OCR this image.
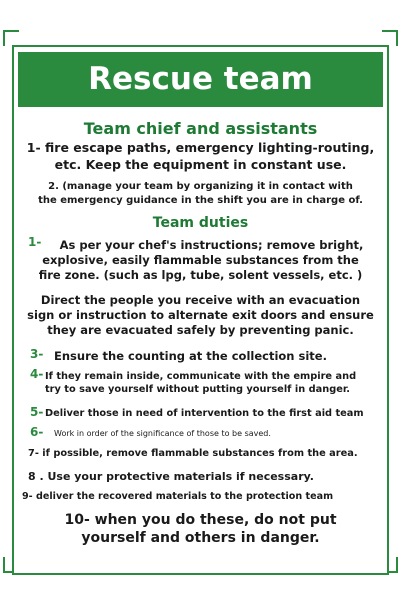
Rescue team
Team chief and assistants
1- fire escape paths, emergency lighting-routing,
etc. Keep the equipment in constant use.
2. (manage your team by organizing it in contact with
the emergency guidance in the shift you are in charge of.
Team duties
1-	As per your chef's instructions; remove bright,
explosive, easily flammable substances from the
fire zone. (such as lpg, tube, solent vessels, etc. )
Direct the people you receive with an evacuation
sign or instruction to alternate exit doors and ensure
they are evacuated safely by preventing panic.
3- Ensure the counting at the collection site.
4- If they remain inside, communicate with the empire and
try to save yourself without putting yourself in danger.
5- Deliver those in need of intervention to the first aid team
6- Work in order of the significance of those to be saved.
7- if possible, remove flammable substances from the area.
8 . Use your protective materials if necessary.
9- deliver the recovered materials to the protection team
10- when you do these, do not put
yourself and others in danger.
